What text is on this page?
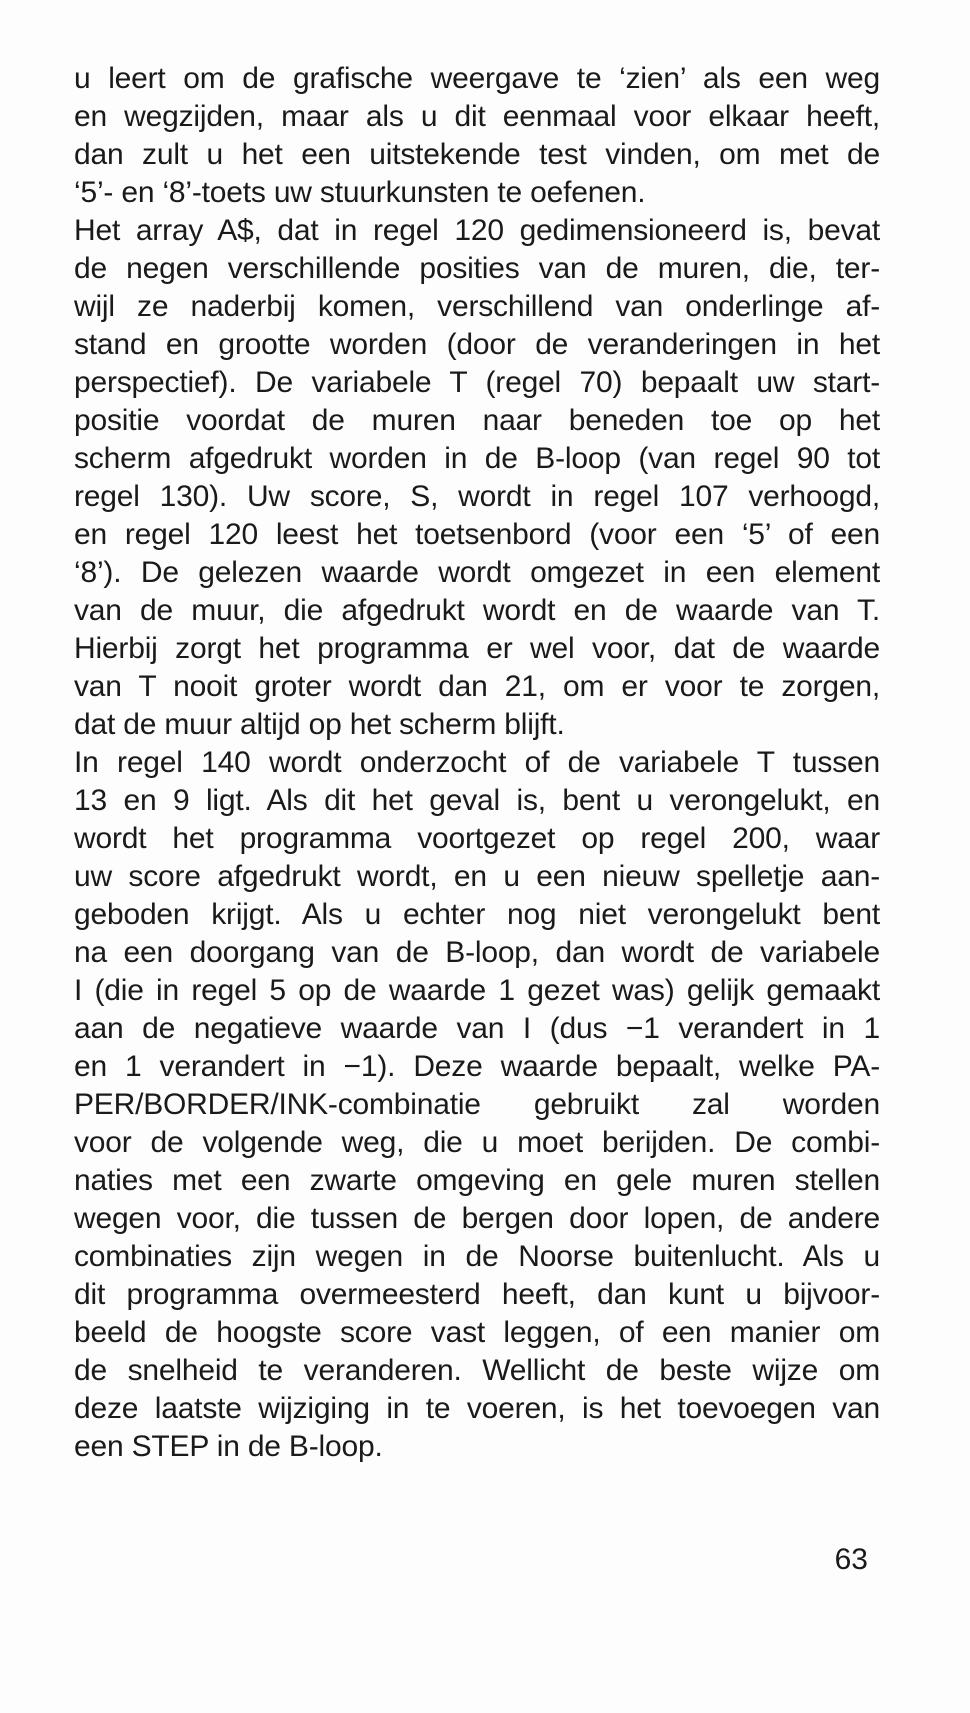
u leert om de grafische weergave te ‘zien’ als een weg
en wegzijden, maar als u dit eenmaal voor elkaar heeft,
dan zult u het een uitstekende test vinden, om met de
‘5’- en ‘8’-toets uw stuurkunsten te oefenen.
Het array A$, dat in regel 120 gedimensioneerd is, bevat
de negen verschillende posities van de muren, die, ter-
wijl ze naderbij komen, verschillend van onderlinge af-
stand en grootte worden (door de veranderingen in het
perspectief). De variabele T (regel 70) bepaalt uw start-
positie voordat de muren naar beneden toe op het
scherm afgedrukt worden in de B-loop (van regel 90 tot
regel 130). Uw score, S, wordt in regel 107 verhoogd,
en regel 120 leest het toetsenbord (voor een ‘5’ of een
‘8’). De gelezen waarde wordt omgezet in een element
van de muur, die afgedrukt wordt en de waarde van T.
Hierbij zorgt het programma er wel voor, dat de waarde
van T nooit groter wordt dan 21, om er voor te zorgen,
dat de muur altijd op het scherm blijft.
In regel 140 wordt onderzocht of de variabele T tussen
13 en 9 ligt. Als dit het geval is, bent u verongelukt, en
wordt het programma voortgezet op regel 200, waar
uw score afgedrukt wordt, en u een nieuw spelletje aan-
geboden krijgt. Als u echter nog niet verongelukt bent
na een doorgang van de B-loop, dan wordt de variabele
I (die in regel 5 op de waarde 1 gezet was) gelijk gemaakt
aan de negatieve waarde van I (dus −1 verandert in 1
en 1 verandert in −1). Deze waarde bepaalt, welke PA-
PER/BORDER/INK-combinatie gebruikt zal worden
voor de volgende weg, die u moet berijden. De combi-
naties met een zwarte omgeving en gele muren stellen
wegen voor, die tussen de bergen door lopen, de andere
combinaties zijn wegen in de Noorse buitenlucht. Als u
dit programma overmeesterd heeft, dan kunt u bijvoor-
beeld de hoogste score vast leggen, of een manier om
de snelheid te veranderen. Wellicht de beste wijze om
deze laatste wijziging in te voeren, is het toevoegen van
een STEP in de B-loop.
63
